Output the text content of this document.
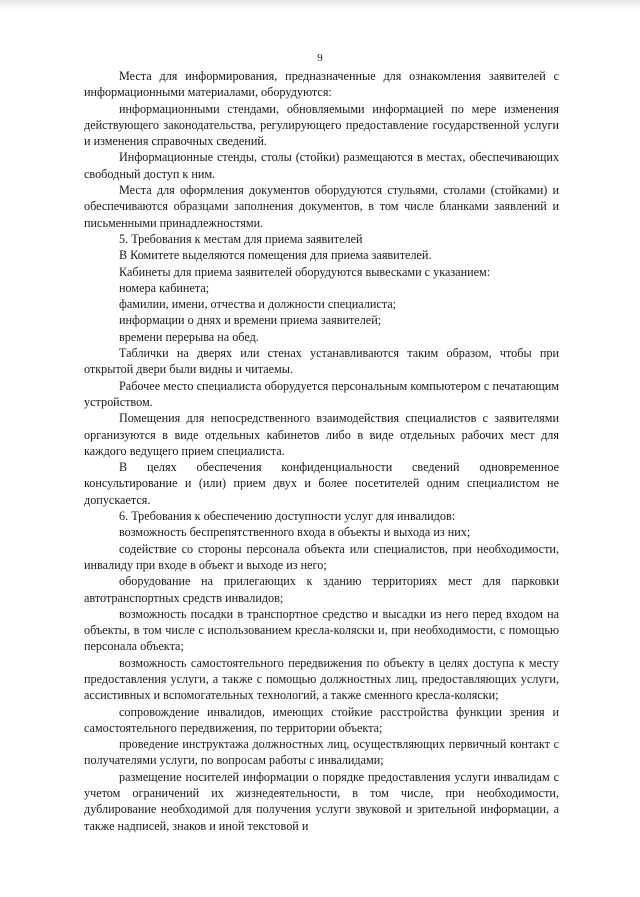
9

Места для информирования, предназначенные для ознакомления заявителей с информационными материалами, оборудуются:

информационными стендами, обновляемыми информацией по мере изменения действующего законодательства, регулирующего предоставление государственной услуги и изменения справочных сведений.

Информационные стенды, столы (стойки) размещаются в местах, обеспечивающих свободный доступ к ним.

Места для оформления документов оборудуются стульями, столами (стойками) и обеспечиваются образцами заполнения документов, в том числе бланками заявлений и письменными принадлежностями.

5. Требования к местам для приема заявителей

В Комитете выделяются помещения для приема заявителей.

Кабинеты для приема заявителей оборудуются вывесками с указанием:

номера кабинета;

фамилии, имени, отчества и должности специалиста;

информации о днях и времени приема заявителей;

времени перерыва на обед.

Таблички на дверях или стенах устанавливаются таким образом, чтобы при открытой двери были видны и читаемы.

Рабочее место специалиста оборудуется персональным компьютером с печатающим устройством.

Помещения для непосредственного взаимодействия специалистов с заявителями организуются в виде отдельных кабинетов либо в виде отдельных рабочих мест для каждого ведущего прием специалиста.

В целях обеспечения конфиденциальности сведений одновременное консультирование и (или) прием двух и более посетителей одним специалистом не допускается.

6. Требования к обеспечению доступности услуг для инвалидов:

возможность беспрепятственного входа в объекты и выхода из них;

содействие со стороны персонала объекта или специалистов, при необходимости, инвалиду при входе в объект и выходе из него;

оборудование на прилегающих к зданию территориях мест для парковки автотранспортных средств инвалидов;

возможность посадки в транспортное средство и высадки из него перед входом на объекты, в том числе с использованием кресла-коляски и, при необходимости, с помощью персонала объекта;

возможность самостоятельного передвижения по объекту в целях доступа к месту предоставления услуги, а также с помощью должностных лиц, предоставляющих услуги, ассистивных и вспомогательных технологий, а также сменного кресла-коляски;

сопровождение инвалидов, имеющих стойкие расстройства функции зрения и самостоятельного передвижения, по территории объекта;

проведение инструктажа должностных лиц, осуществляющих первичный контакт с получателями услуги, по вопросам работы с инвалидами;

размещение носителей информации о порядке предоставления услуги инвалидам с учетом ограничений их жизнедеятельности, в том числе, при необходимости, дублирование необходимой для получения услуги звуковой и зрительной информации, а также надписей, знаков и иной текстовой и
